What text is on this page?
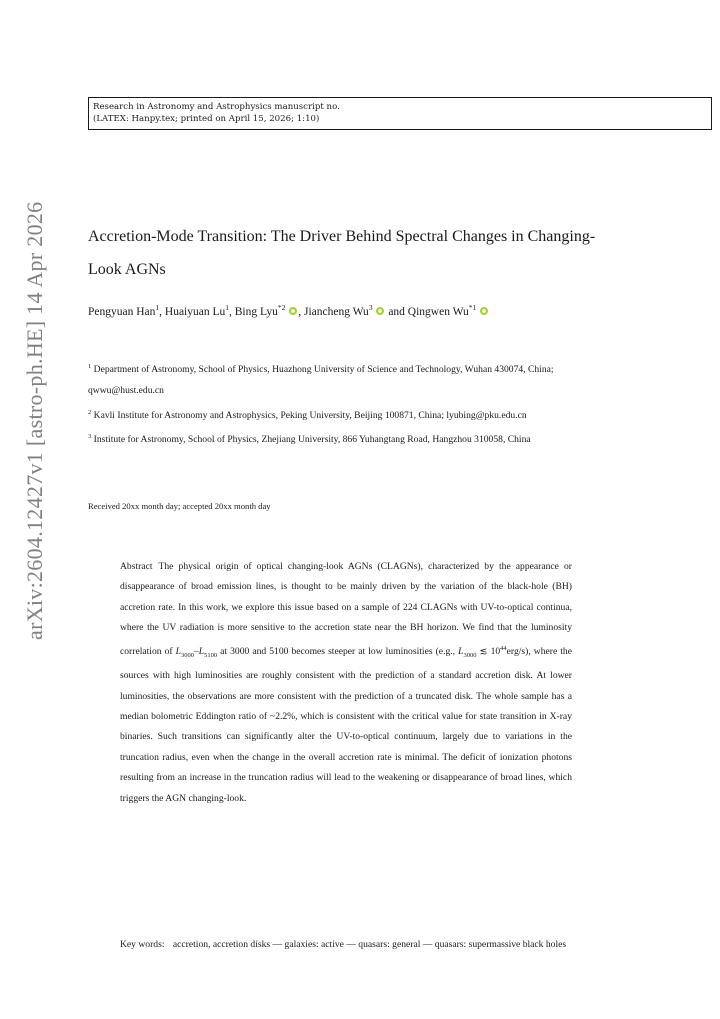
arXiv:2604.12427v1 [astro-ph.HE] 14 Apr 2026
Research in Astronomy and Astrophysics manuscript no.
(LATEX: Hanpy.tex; printed on April 15, 2026; 1:10)
Accretion-Mode Transition: The Driver Behind Spectral Changes in Changing-Look AGNs
Pengyuan Han$^1$, Huaiyuan Lu$^1$, Bing Lyu$^{*2}$ , Jiancheng Wu$^3$  and Qingwen Wu$^{*1}$
$^1$ Department of Astronomy, School of Physics, Huazhong University of Science and Technology, Wuhan 430074, China; qwwu@hust.edu.cn
$^2$ Kavli Institute for Astronomy and Astrophysics, Peking University, Beijing 100871, China; lyubing@pku.edu.cn
$^3$ Institute for Astronomy, School of Physics, Zhejiang University, 866 Yuhangtang Road, Hangzhou 310058, China
Received 20xx month day; accepted 20xx month day
Abstract The physical origin of optical changing-look AGNs (CLAGNs), characterized by the appearance or disappearance of broad emission lines, is thought to be mainly driven by the variation of the black-hole (BH) accretion rate. In this work, we explore this issue based on a sample of 224 CLAGNs with UV-to-optical continua, where the UV radiation is more sensitive to the accretion state near the BH horizon. We find that the luminosity correlation of $L_{3000}-L_{5100}$ at 3000 and 5100 becomes steeper at low luminosities (e.g., $L_{3000}$ ≲ $10^{44}erg/s$), where the sources with high luminosities are roughly consistent with the prediction of a standard accretion disk. At lower luminosities, the observations are more consistent with the prediction of a truncated disk. The whole sample has a median bolometric Eddington ratio of ~2.2%, which is consistent with the critical value for state transition in X-ray binaries. Such transitions can significantly alter the UV-to-optical continuum, largely due to variations in the truncation radius, even when the change in the overall accretion rate is minimal. The deficit of ionization photons resulting from an increase in the truncation radius will lead to the weakening or disappearance of broad lines, which triggers the AGN changing-look.
Key words: accretion, accretion disks — galaxies: active — quasars: general — quasars: supermassive black holes
